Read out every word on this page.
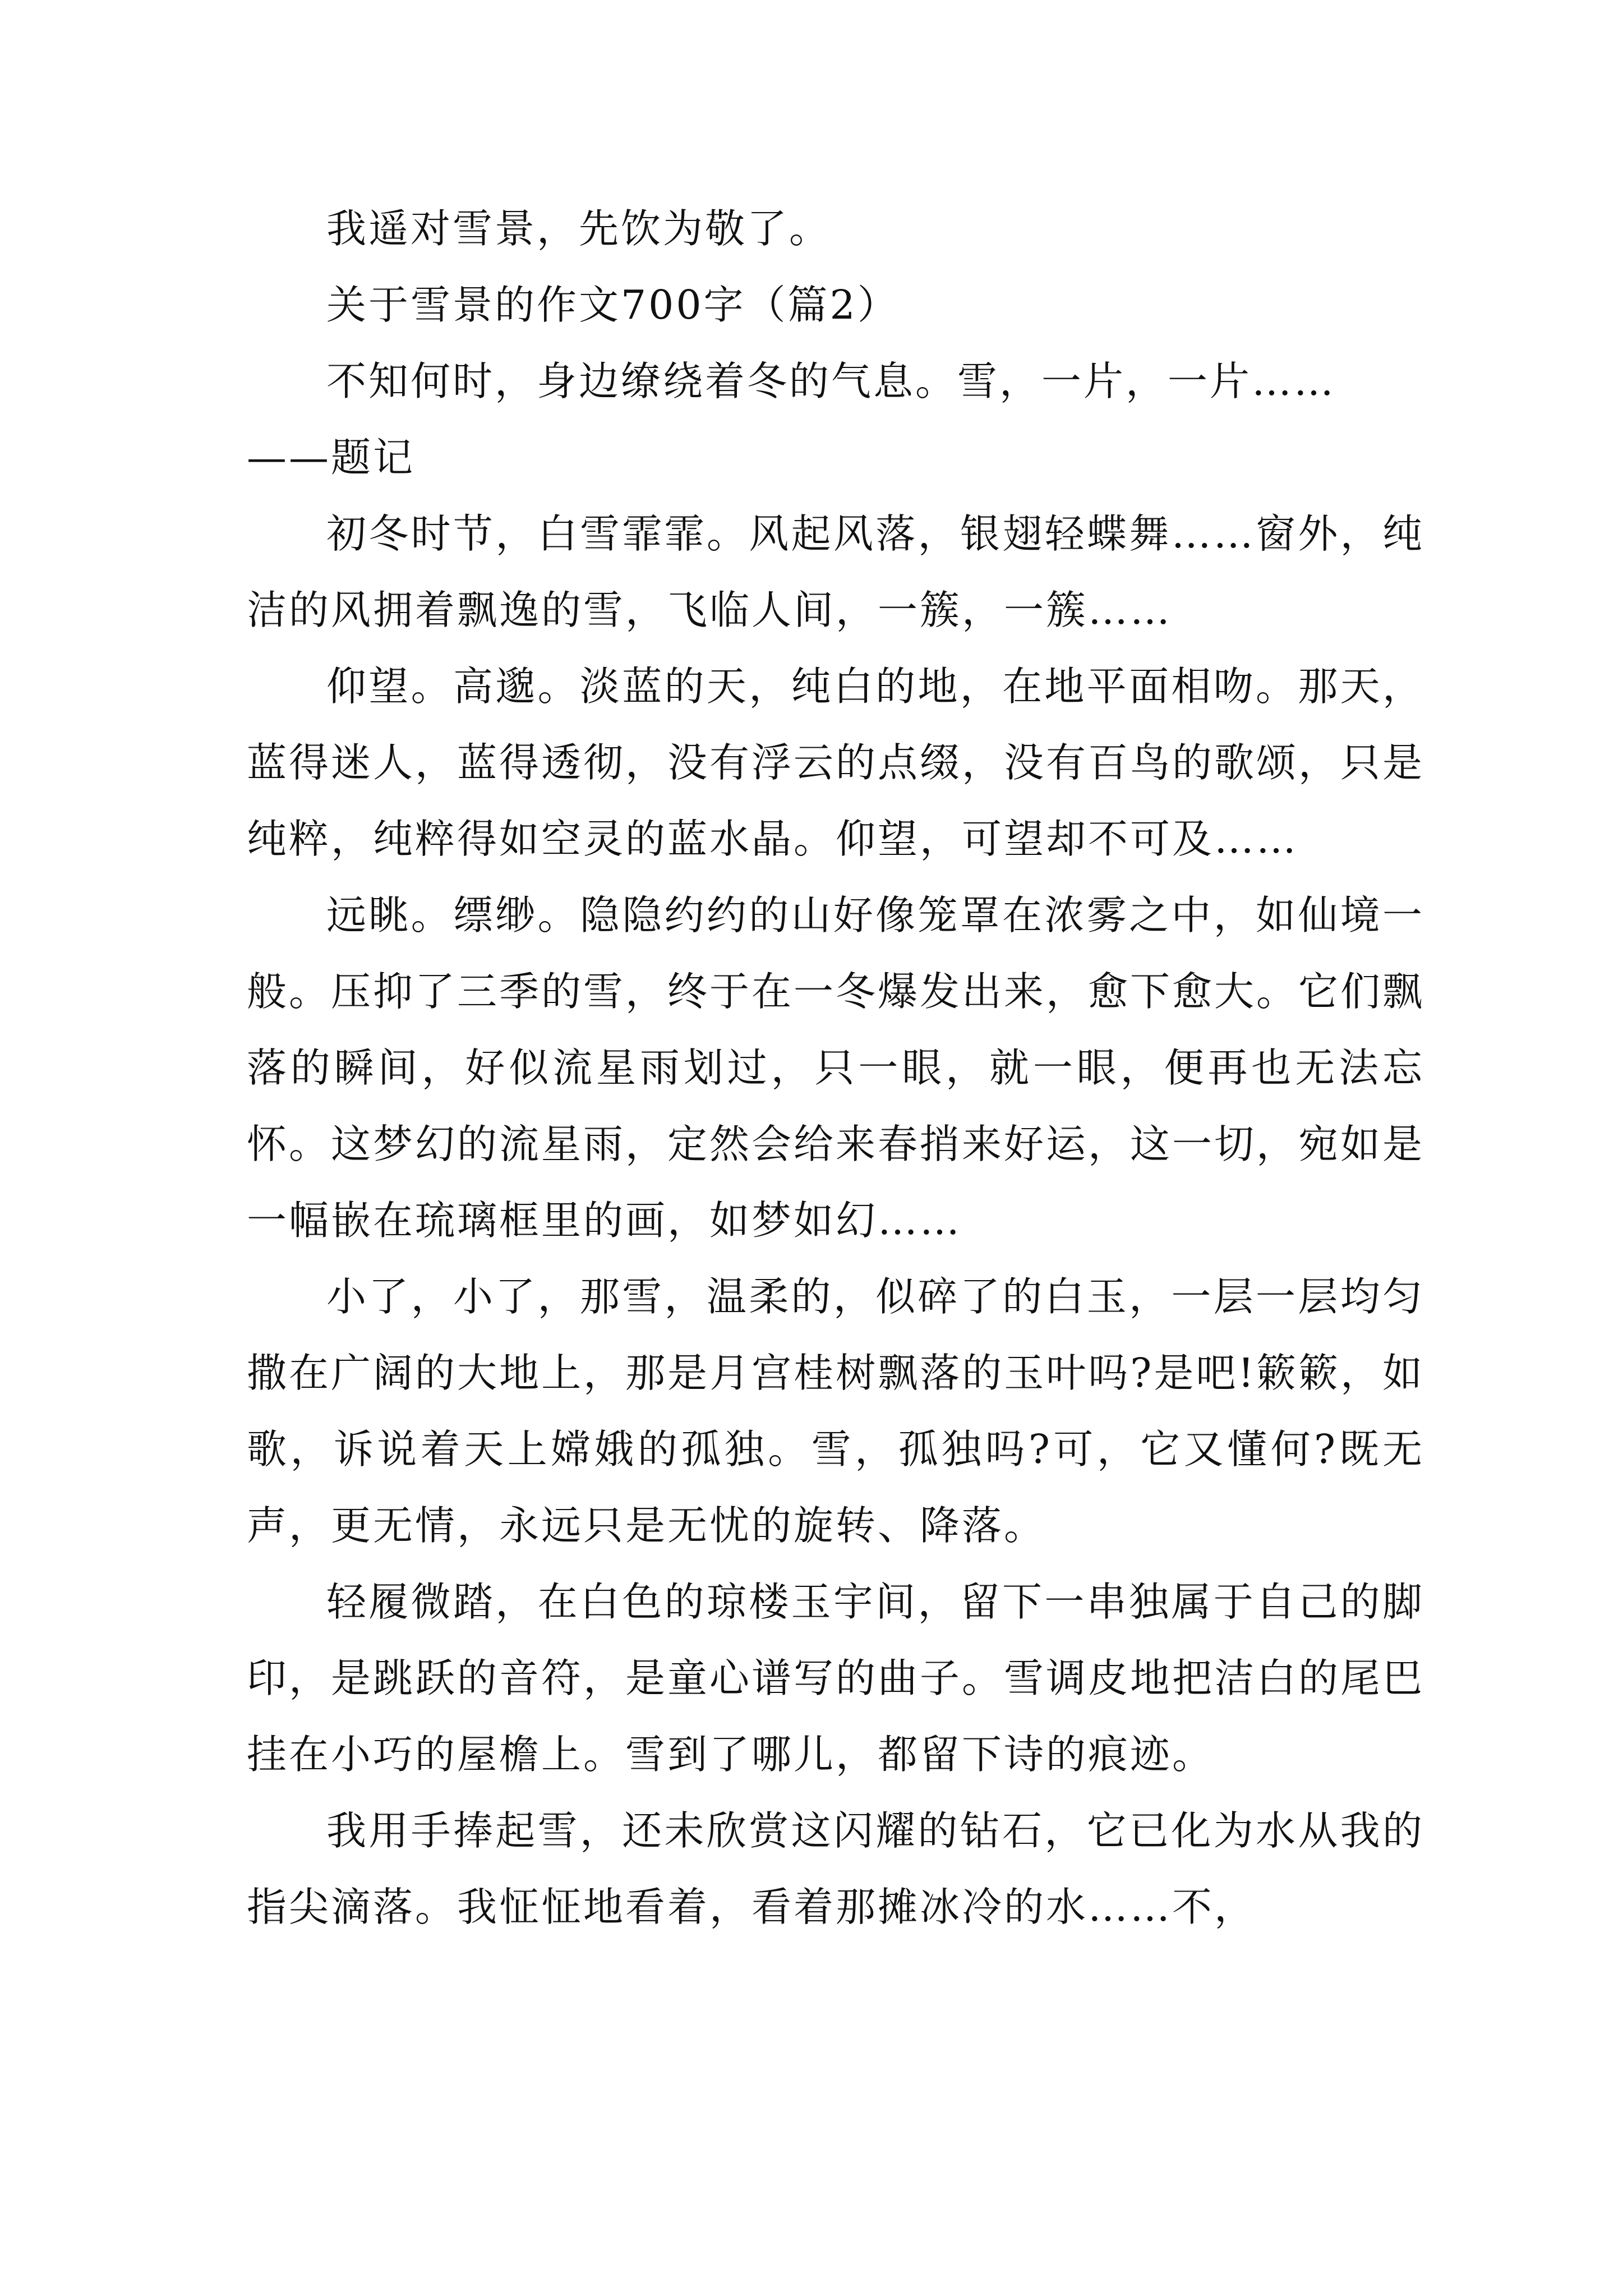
我遥对雪景，先饮为敬了。

关于雪景的作文700字（篇2）

不知何时，身边缭绕着冬的气息。雪，一片，一片……

——题记

初冬时节，白雪霏霏。风起风落，银翅轻蝶舞……窗外，纯洁的风拥着飘逸的雪，飞临人间，一簇，一簇……

仰望。高邈。淡蓝的天，纯白的地，在地平面相吻。那天，蓝得迷人，蓝得透彻，没有浮云的点缀，没有百鸟的歌颂，只是纯粹，纯粹得如空灵的蓝水晶。仰望，可望却不可及……

远眺。缥缈。隐隐约约的山好像笼罩在浓雾之中，如仙境一般。压抑了三季的雪，终于在一冬爆发出来，愈下愈大。它们飘落的瞬间，好似流星雨划过，只一眼，就一眼，便再也无法忘怀。这梦幻的流星雨，定然会给来春捎来好运，这一切，宛如是一幅嵌在琉璃框里的画，如梦如幻……

小了，小了，那雪，温柔的，似碎了的白玉，一层一层均匀撒在广阔的大地上，那是月宫桂树飘落的玉叶吗?是吧!簌簌，如歌，诉说着天上嫦娥的孤独。雪，孤独吗?可，它又懂何?既无声，更无情，永远只是无忧的旋转、降落。

轻履微踏，在白色的琼楼玉宇间，留下一串独属于自己的脚印，是跳跃的音符，是童心谱写的曲子。雪调皮地把洁白的尾巴挂在小巧的屋檐上。雪到了哪儿，都留下诗的痕迹。

我用手捧起雪，还未欣赏这闪耀的钻石，它已化为水从我的指尖滴落。我怔怔地看着，看着那摊冰冷的水……不，
